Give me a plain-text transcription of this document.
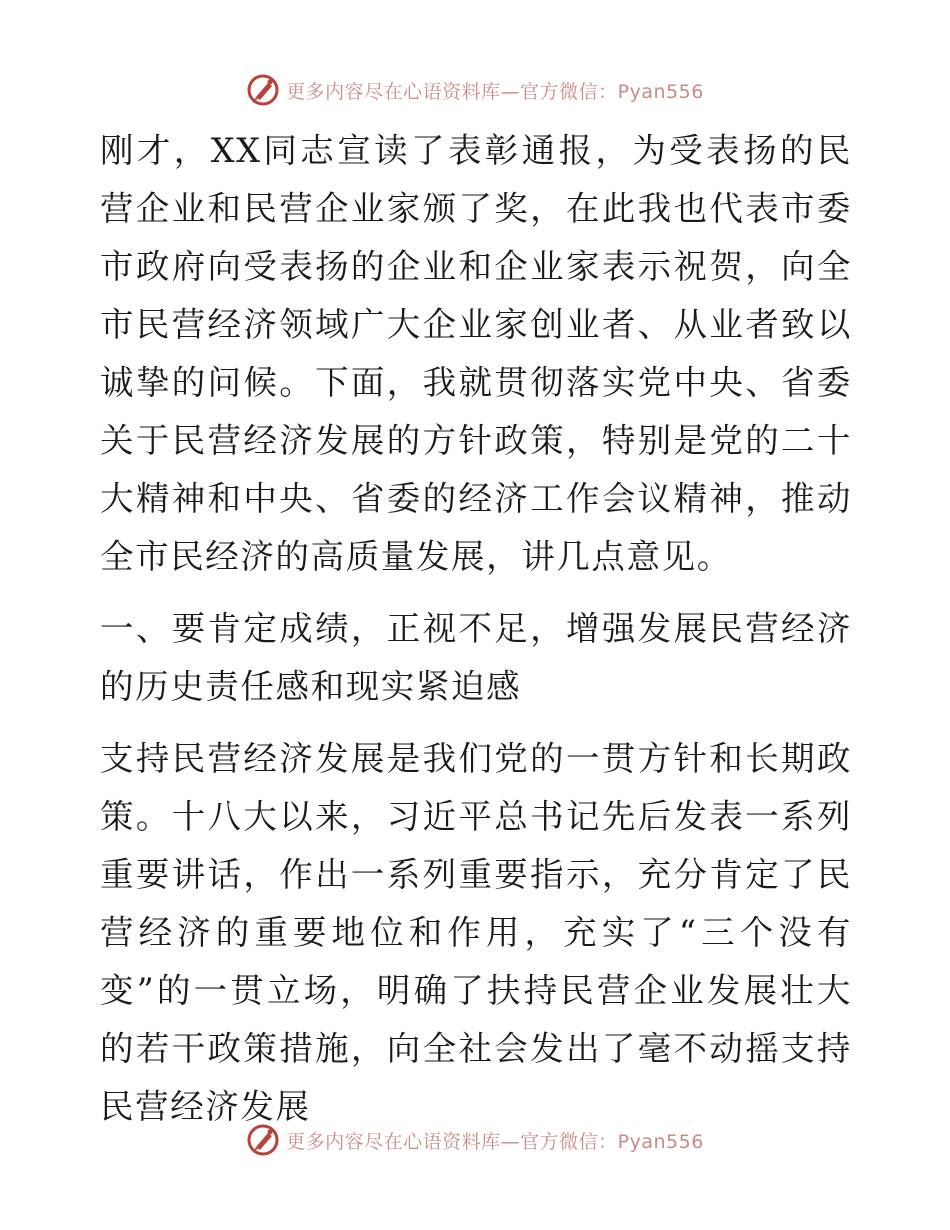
更多内容尽在心语资料库—官方微信：Pyan556

刚才，XX同志宣读了表彰通报，为受表扬的民营企业和民营企业家颁了奖，在此我也代表市委市政府向受表扬的企业和企业家表示祝贺，向全市民营经济领域广大企业家创业者、从业者致以诚挚的问候。下面，我就贯彻落实党中央、省委关于民营经济发展的方针政策，特别是党的二十大精神和中央、省委的经济工作会议精神，推动全市民经济的高质量发展，讲几点意见。

一、要肯定成绩，正视不足，增强发展民营经济的历史责任感和现实紧迫感

支持民营经济发展是我们党的一贯方针和长期政策。十八大以来，习近平总书记先后发表一系列重要讲话，作出一系列重要指示，充分肯定了民营经济的重要地位和作用，充实了“三个没有变”的一贯立场，明确了扶持民营企业发展壮大的若干政策措施，向全社会发出了毫不动摇支持民营经济发展

更多内容尽在心语资料库—官方微信：Pyan556
